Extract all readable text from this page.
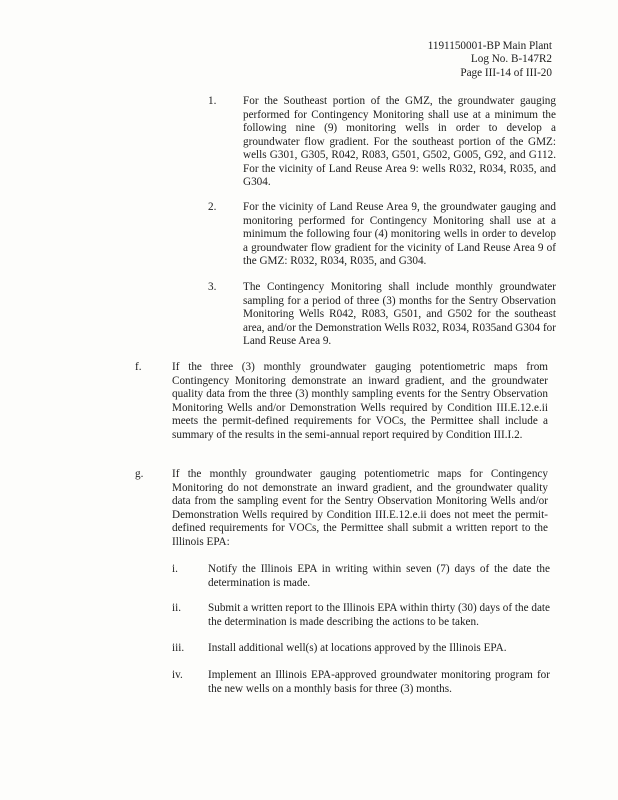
1191150001-BP Main Plant
Log No. B-147R2
Page III-14 of III-20
1. For the Southeast portion of the GMZ, the groundwater gauging performed for Contingency Monitoring shall use at a minimum the following nine (9) monitoring wells in order to develop a groundwater flow gradient. For the southeast portion of the GMZ: wells G301, G305, R042, R083, G501, G502, G005, G92, and G112. For the vicinity of Land Reuse Area 9: wells R032, R034, R035, and G304.
2. For the vicinity of Land Reuse Area 9, the groundwater gauging and monitoring performed for Contingency Monitoring shall use at a minimum the following four (4) monitoring wells in order to develop a groundwater flow gradient for the vicinity of Land Reuse Area 9 of the GMZ: R032, R034, R035, and G304.
3. The Contingency Monitoring shall include monthly groundwater sampling for a period of three (3) months for the Sentry Observation Monitoring Wells R042, R083, G501, and G502 for the southeast area, and/or the Demonstration Wells R032, R034, R035and G304 for Land Reuse Area 9.
f.	If the three (3) monthly groundwater gauging potentiometric maps from Contingency Monitoring demonstrate an inward gradient, and the groundwater quality data from the three (3) monthly sampling events for the Sentry Observation Monitoring Wells and/or Demonstration Wells required by Condition III.E.12.e.ii meets the permit-defined requirements for VOCs, the Permittee shall include a summary of the results in the semi-annual report required by Condition III.I.2.
g.	If the monthly groundwater gauging potentiometric maps for Contingency Monitoring do not demonstrate an inward gradient, and the groundwater quality data from the sampling event for the Sentry Observation Monitoring Wells and/or Demonstration Wells required by Condition III.E.12.e.ii does not meet the permit-defined requirements for VOCs, the Permittee shall submit a written report to the Illinois EPA:
i.	Notify the Illinois EPA in writing within seven (7) days of the date the determination is made.
ii. Submit a written report to the Illinois EPA within thirty (30) days of the date the determination is made describing the actions to be taken.
iii. Install additional well(s) at locations approved by the Illinois EPA.
iv. Implement an Illinois EPA-approved groundwater monitoring program for the new wells on a monthly basis for three (3) months.
